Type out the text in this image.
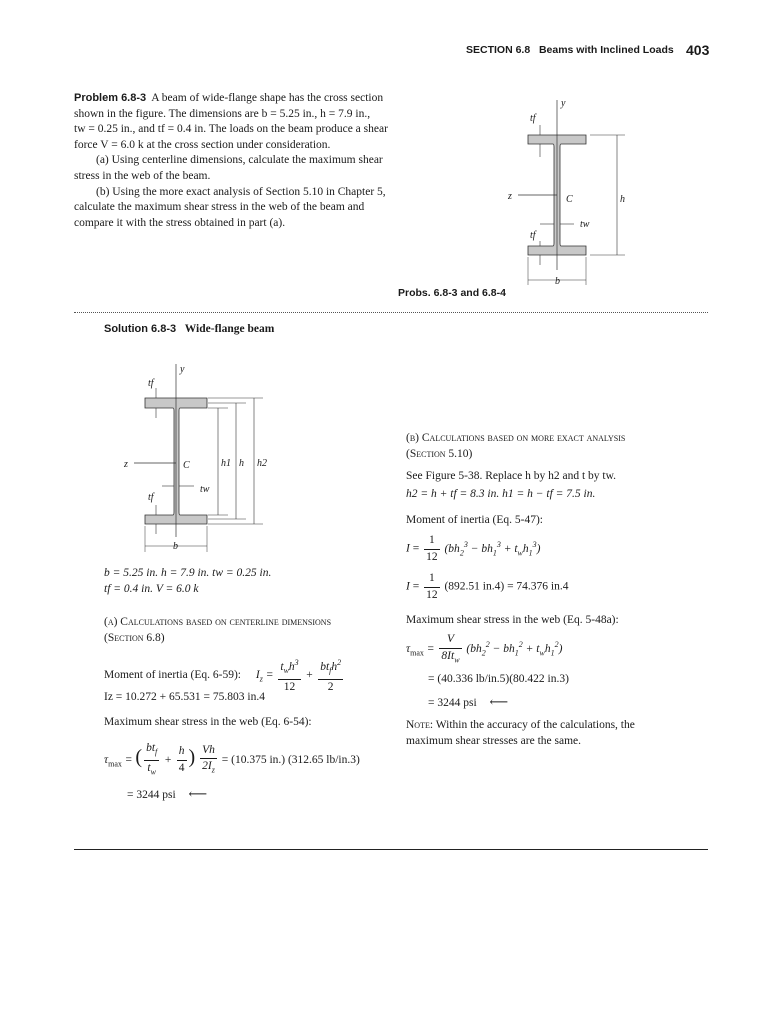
SECTION 6.8 Beams with Inclined Loads 403
Problem 6.8-3 A beam of wide-flange shape has the cross section
shown in the figure. The dimensions are b = 5.25 in., h = 7.9 in.,
tw = 0.25 in., and tf = 0.4 in. The loads on the beam produce a shear
force V = 6.0 k at the cross section under consideration.
(a) Using centerline dimensions, calculate the maximum shear
stress in the web of the beam.
(b) Using the more exact analysis of Section 5.10 in Chapter 5,
calculate the maximum shear stress in the web of the beam and
compare it with the stress obtained in part (a).
y
z	C	h
tf
tf
tw
b
Probs. 6.8-3 and 6.8-4
Solution 6.8-3 Wide-flange beam
y
z	C	h1 h h2
tf
tf
tw
b
b = 5.25 in. h = 7.9 in. tw = 0.25 in.
tf = 0.4 in. V = 6.0 k
(a) Calculations based on centerline dimensions
(Section 6.8)
Moment of inertia (Eq. 6-59): $I_z = \frac{t_wh^3}{12} + \frac{bt_fh^2}{2}$
Iz = 10.272 + 65.531 = 75.803 in.4
Maximum shear stress in the web (Eq. 6-54):
$\tau_{max}$ = ( $\frac{bt_f}{t_w} + \frac{h}{4}$ ) $\frac{Vh}{2I_z} = (10.375$ in.) (312.65 lb/in.3)
= 3244 psi ⟵
(b) Calculations based on more exact analysis
(Section 5.10)
See Figure 5-38. Replace h by h2 and t by tw.
h2 = h + tf = 8.3 in. h1 = h − tf = 7.5 in.
Moment of inertia (Eq. 5-47):
$I = \frac{1}{12} (bh_2^3 - bh_1^3 + t_wh_1^3)$
$I = \frac{1}{12} (892.51$ in.4) = 74.376 in.4
Maximum shear stress in the web (Eq. 5-48a):
$\tau_{max} = \frac{V}{8It_w} (bh_2^2 - bh_1^2 + t_wh_1^2)$
= (40.336 lb/in.5)(80.422 in.3)
= 3244 psi ⟵
Note: Within the accuracy of the calculations, the
maximum shear stresses are the same.
